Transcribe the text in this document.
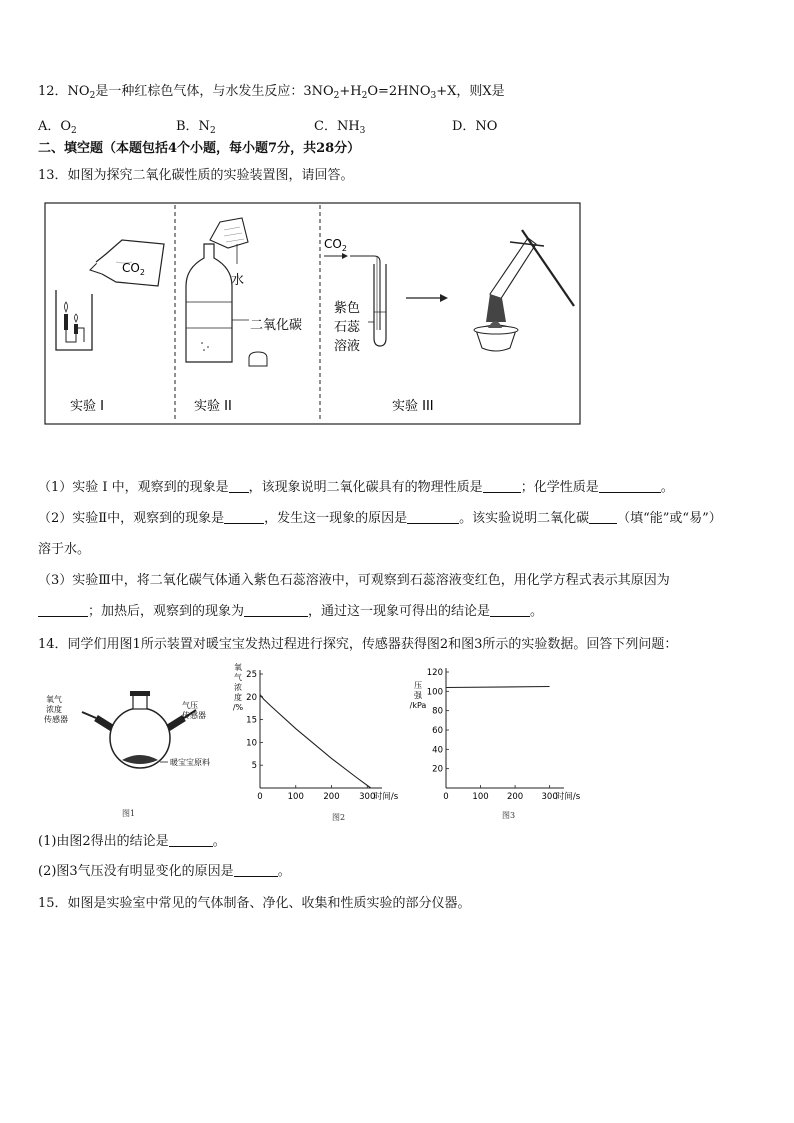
12．$NO_2$是一种红棕色气体，与水发生反应：$3NO_2+H_2O=2HNO_3+X$，则X是
A．$O_2$	B．$N_2$	C．$NH_3$	D．NO
二、填空题（本题包括4个小题，每小题7分，共28分）
13．如图为探究二氧化碳性质的实验装置图，请回答。
$CO_2$
实验 I
水
二氧化碳
实验 II
$CO_2$
紫色
石蕊
溶液
实验 III
（1）实验 I 中，观察到的现象是 ，该现象说明二氧化碳具有的物理性质是	；化学性质是	。
（2）实验Ⅱ中，观察到的现象是	，发生这一现象的原因是	。该实验说明二氧化碳 （填“能”或“易”）
溶于水。
（3）实验Ⅲ中，将二氧化碳气体通入紫色石蕊溶液中，可观察到石蕊溶液变红色，用化学方程式表示其原因为
；加热后，观察到的现象为	，通过这一现象可得出的结论是	。
14．同学们用图1所示装置对暖宝宝发热过程进行探究，传感器获得图2和图3所示的实验数据。回答下列问题：
氧气
浓度
传感器
气压
传感器
暖宝宝原料
图1
0	100 200 300
时间/s
5
10
15
20
25
氧
气
浓
度
/%
图2
0	100 200 300
时间/s
20
40
60
80
100
120
压
强
/kPa
图3
(1)由图2得出的结论是	。
(2)图3气压没有明显变化的原因是	。
15．如图是实验室中常见的气体制备、净化、收集和性质实验的部分仪器。
